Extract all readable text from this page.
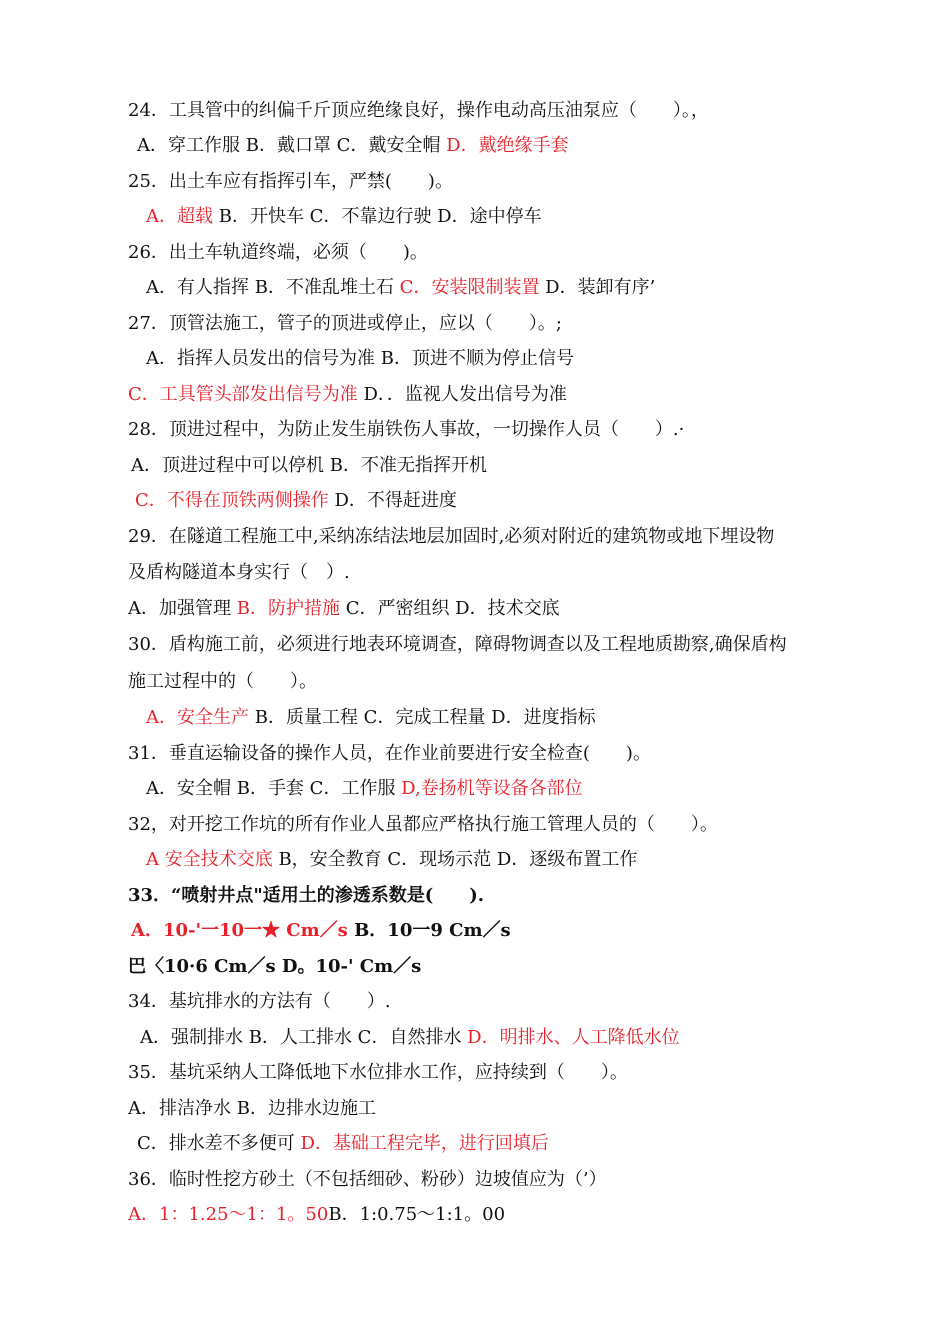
24．工具管中的纠偏千斤顶应绝缘良好，操作电动高压油泵应（　　）。，
A．穿工作服 B．戴口罩 C．戴安全帽 D．戴绝缘手套
25．出土车应有指挥引车，严禁(　　)。
A．超载 B．开快车 C．不靠边行驶 D．途中停车
26．出土车轨道终端，必须（　　)。
A．有人指挥 B．不准乱堆土石 C．安装限制装置 D．装卸有序’
27．顶管法施工，管子的顶进或停止，应以（　　）。;
A．指挥人员发出的信号为准 B．顶进不顺为停止信号
C．工具管头部发出信号为准 D．．监视人发出信号为准
28．顶进过程中，为防止发生崩铁伤人事故，一切操作人员（　　）.·
A．顶进过程中可以停机 B．不准无指挥开机
C．不得在顶铁两侧操作 D．不得赶进度
29．在隧道工程施工中,采纳冻结法地层加固时,必须对附近的建筑物或地下埋设物
及盾构隧道本身实行（　）.
A．加强管理 B．防护措施 C．严密组织 D．技术交底
30．盾构施工前，必须进行地表环境调查，障碍物调查以及工程地质勘察,确保盾构
施工过程中的（　　）。
A．安全生产 B．质量工程 C．完成工程量 D．进度指标
31．垂直运输设备的操作人员，在作业前要进行安全检查(　　)。
A．安全帽 B．手套 C．工作服 D,卷扬机等设备各部位
32，对开挖工作坑的所有作业人虽都应严格执行施工管理人员的（　　）。
A 安全技术交底 B，安全教育 C．现场示范 D．逐级布置工作
33．“喷射井点"适用土的渗透系数是(　　).
A．10-'一10一★ Cm／s B．10一9 Cm／s
巴〈10·6 Cm／s D。10-' Cm／s
34．基坑排水的方法有（　　）.
A．强制排水 B．人工排水 C．自然排水 D．明排水、人工降低水位
35．基坑采纳人工降低地下水位排水工作，应持续到（　　）。
A．排洁净水 B．边排水边施工
C．排水差不多便可 D．基础工程完毕，进行回填后
36．临时性挖方砂土（不包括细砂、粉砂）边坡值应为（’）
A．1：1.25～1：1。50B．1:0.75～1:1。00
